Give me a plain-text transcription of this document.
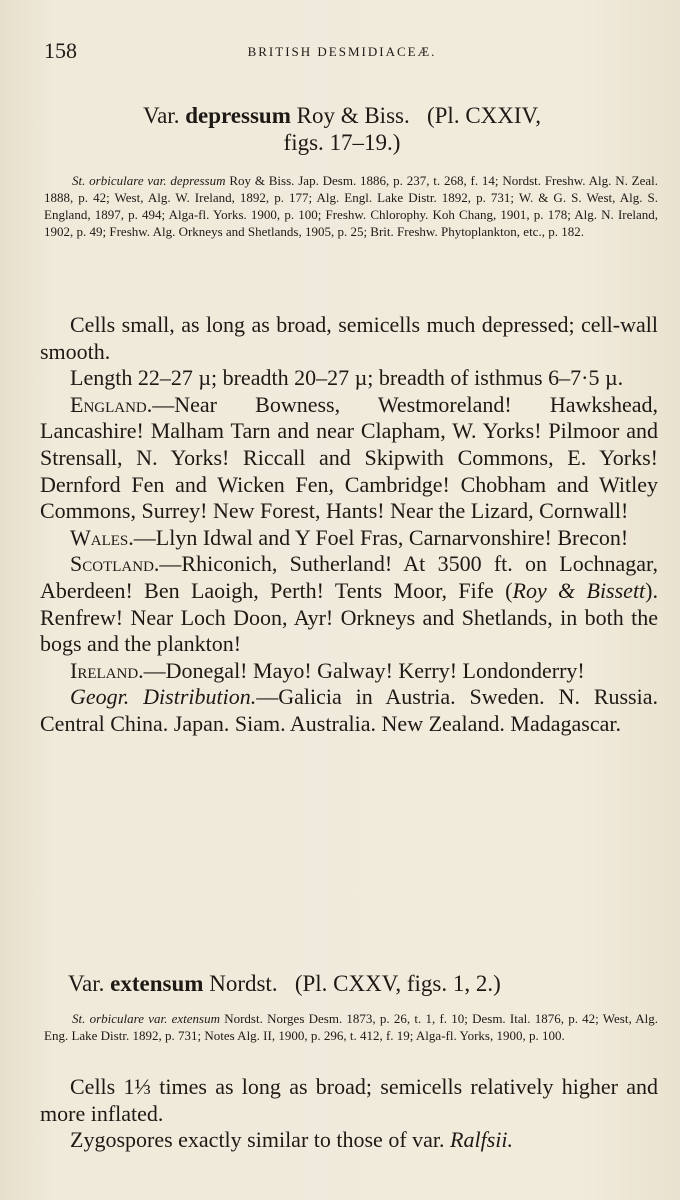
158	BRITISH DESMIDIACEÆ.
Var. depressum Roy & Biss. (Pl. CXXIV,
figs. 17–19.)

St. orbiculare var. depressum Roy & Biss. Jap. Desm. 1886, p. 237, t. 268, f. 14; Nordst. Freshw. Alg. N. Zeal. 1888, p. 42; West, Alg. W. Ireland, 1892, p. 177; Alg. Engl. Lake Distr. 1892, p. 731; W. & G. S. West, Alg. S. England, 1897, p. 494; Alga-fl. Yorks. 1900, p. 100; Freshw. Chlorophy. Koh Chang, 1901, p. 178; Alg. N. Ireland, 1902, p. 49; Freshw. Alg. Orkneys and Shetlands, 1905, p. 25; Brit. Freshw. Phytoplankton, etc., p. 182.

Cells small, as long as broad, semicells much depressed; cell-wall smooth.

Length 22–27 µ; breadth 20–27 µ; breadth of isthmus 6–7·5 µ.

England.—Near Bowness, Westmoreland! Hawkshead, Lancashire! Malham Tarn and near Clapham, W. Yorks! Pilmoor and Strensall, N. Yorks! Riccall and Skipwith Commons, E. Yorks! Dernford Fen and Wicken Fen, Cambridge! Chobham and Witley Commons, Surrey! New Forest, Hants! Near the Lizard, Cornwall!

Wales.—Llyn Idwal and Y Foel Fras, Carnarvonshire! Brecon!

Scotland.—Rhiconich, Sutherland! At 3500 ft. on Lochnagar, Aberdeen! Ben Laoigh, Perth! Tents Moor, Fife (Roy & Bissett). Renfrew! Near Loch Doon, Ayr! Orkneys and Shetlands, in both the bogs and the plankton!

Ireland.—Donegal! Mayo! Galway! Kerry! Londonderry!

Geogr. Distribution.—Galicia in Austria. Sweden. N. Russia. Central China. Japan. Siam. Australia. New Zealand. Madagascar.

Var. extensum Nordst. (Pl. CXXV, figs. 1, 2.)

St. orbiculare var. extensum Nordst. Norges Desm. 1873, p. 26, t. 1, f. 10; Desm. Ital. 1876, p. 42; West, Alg. Eng. Lake Distr. 1892, p. 731; Notes Alg. II, 1900, p. 296, t. 412, f. 19; Alga-fl. Yorks, 1900, p. 100.

Cells 1⅓ times as long as broad; semicells relatively higher and more inflated.

Zygospores exactly similar to those of var. Ralfsii.
